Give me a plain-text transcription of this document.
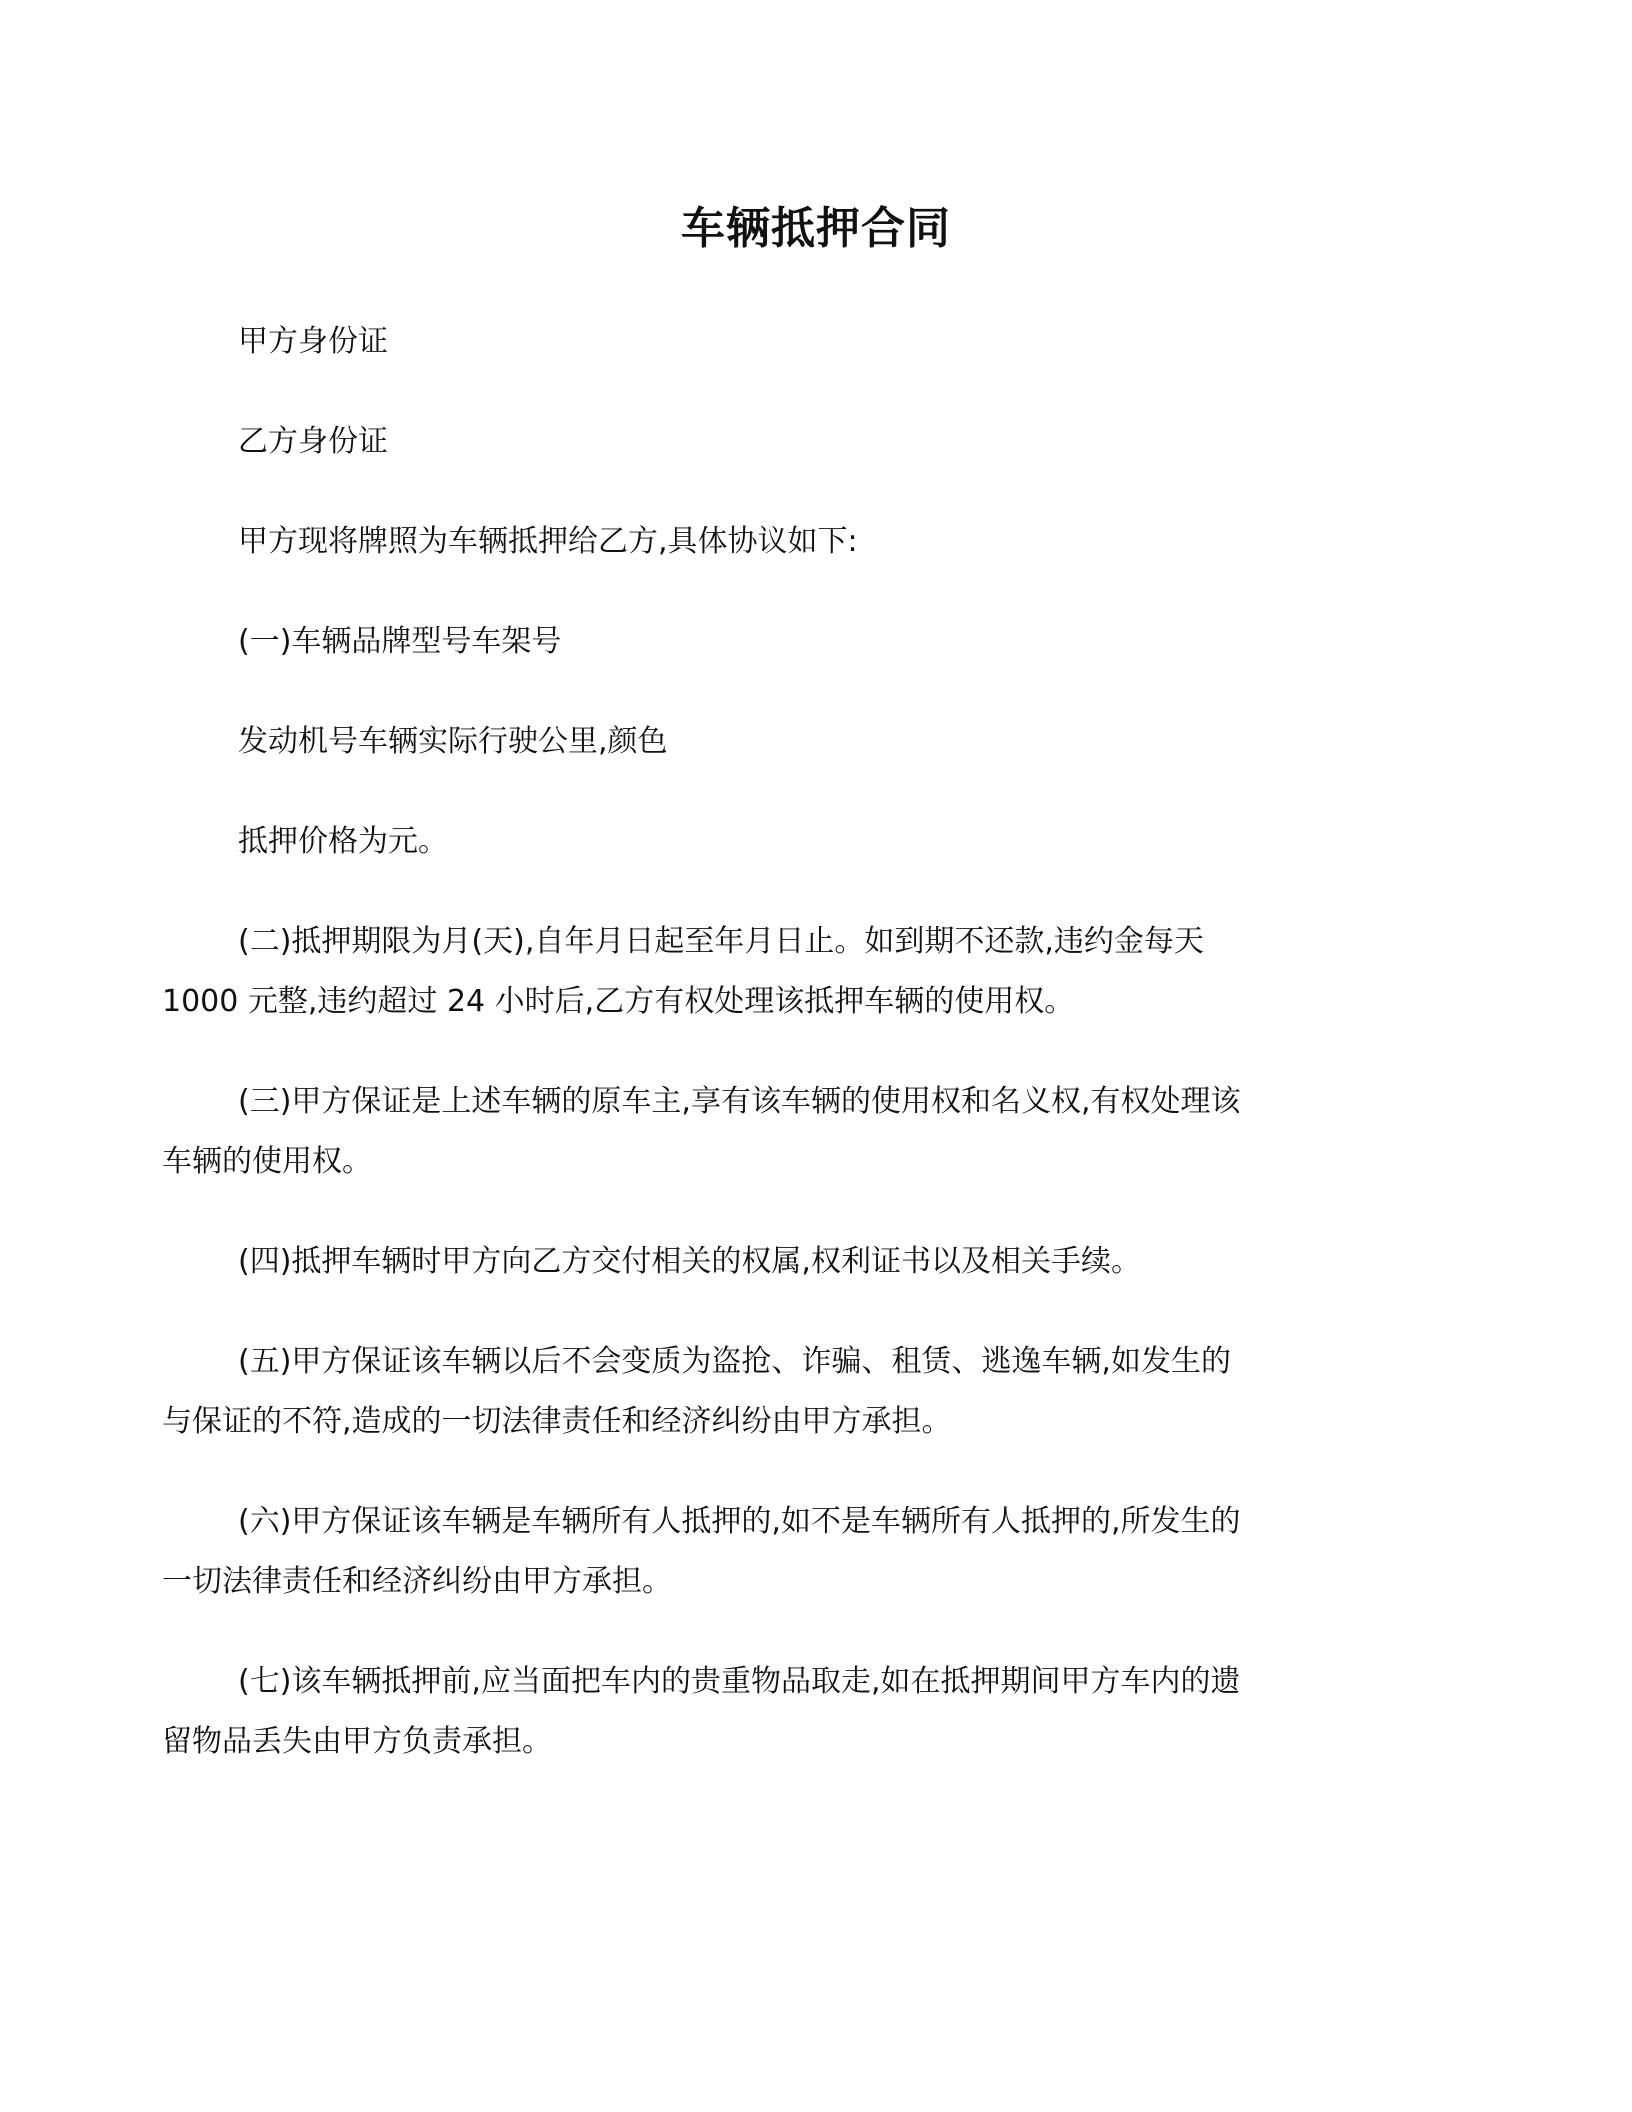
车辆抵押合同
甲方身份证
乙方身份证
甲方现将牌照为车辆抵押给乙方,具体协议如下:
(一)车辆品牌型号车架号
发动机号车辆实际行驶公里,颜色
抵押价格为元。
(二)抵押期限为月(天),自年月日起至年月日止。如到期不还款,违约金每天
1000 元整,违约超过 24 小时后,乙方有权处理该抵押车辆的使用权。
(三)甲方保证是上述车辆的原车主,享有该车辆的使用权和名义权,有权处理该
车辆的使用权。
(四)抵押车辆时甲方向乙方交付相关的权属,权利证书以及相关手续。
(五)甲方保证该车辆以后不会变质为盗抢、诈骗、租赁、逃逸车辆,如发生的
与保证的不符,造成的一切法律责任和经济纠纷由甲方承担。
(六)甲方保证该车辆是车辆所有人抵押的,如不是车辆所有人抵押的,所发生的
一切法律责任和经济纠纷由甲方承担。
(七)该车辆抵押前,应当面把车内的贵重物品取走,如在抵押期间甲方车内的遗
留物品丢失由甲方负责承担。
